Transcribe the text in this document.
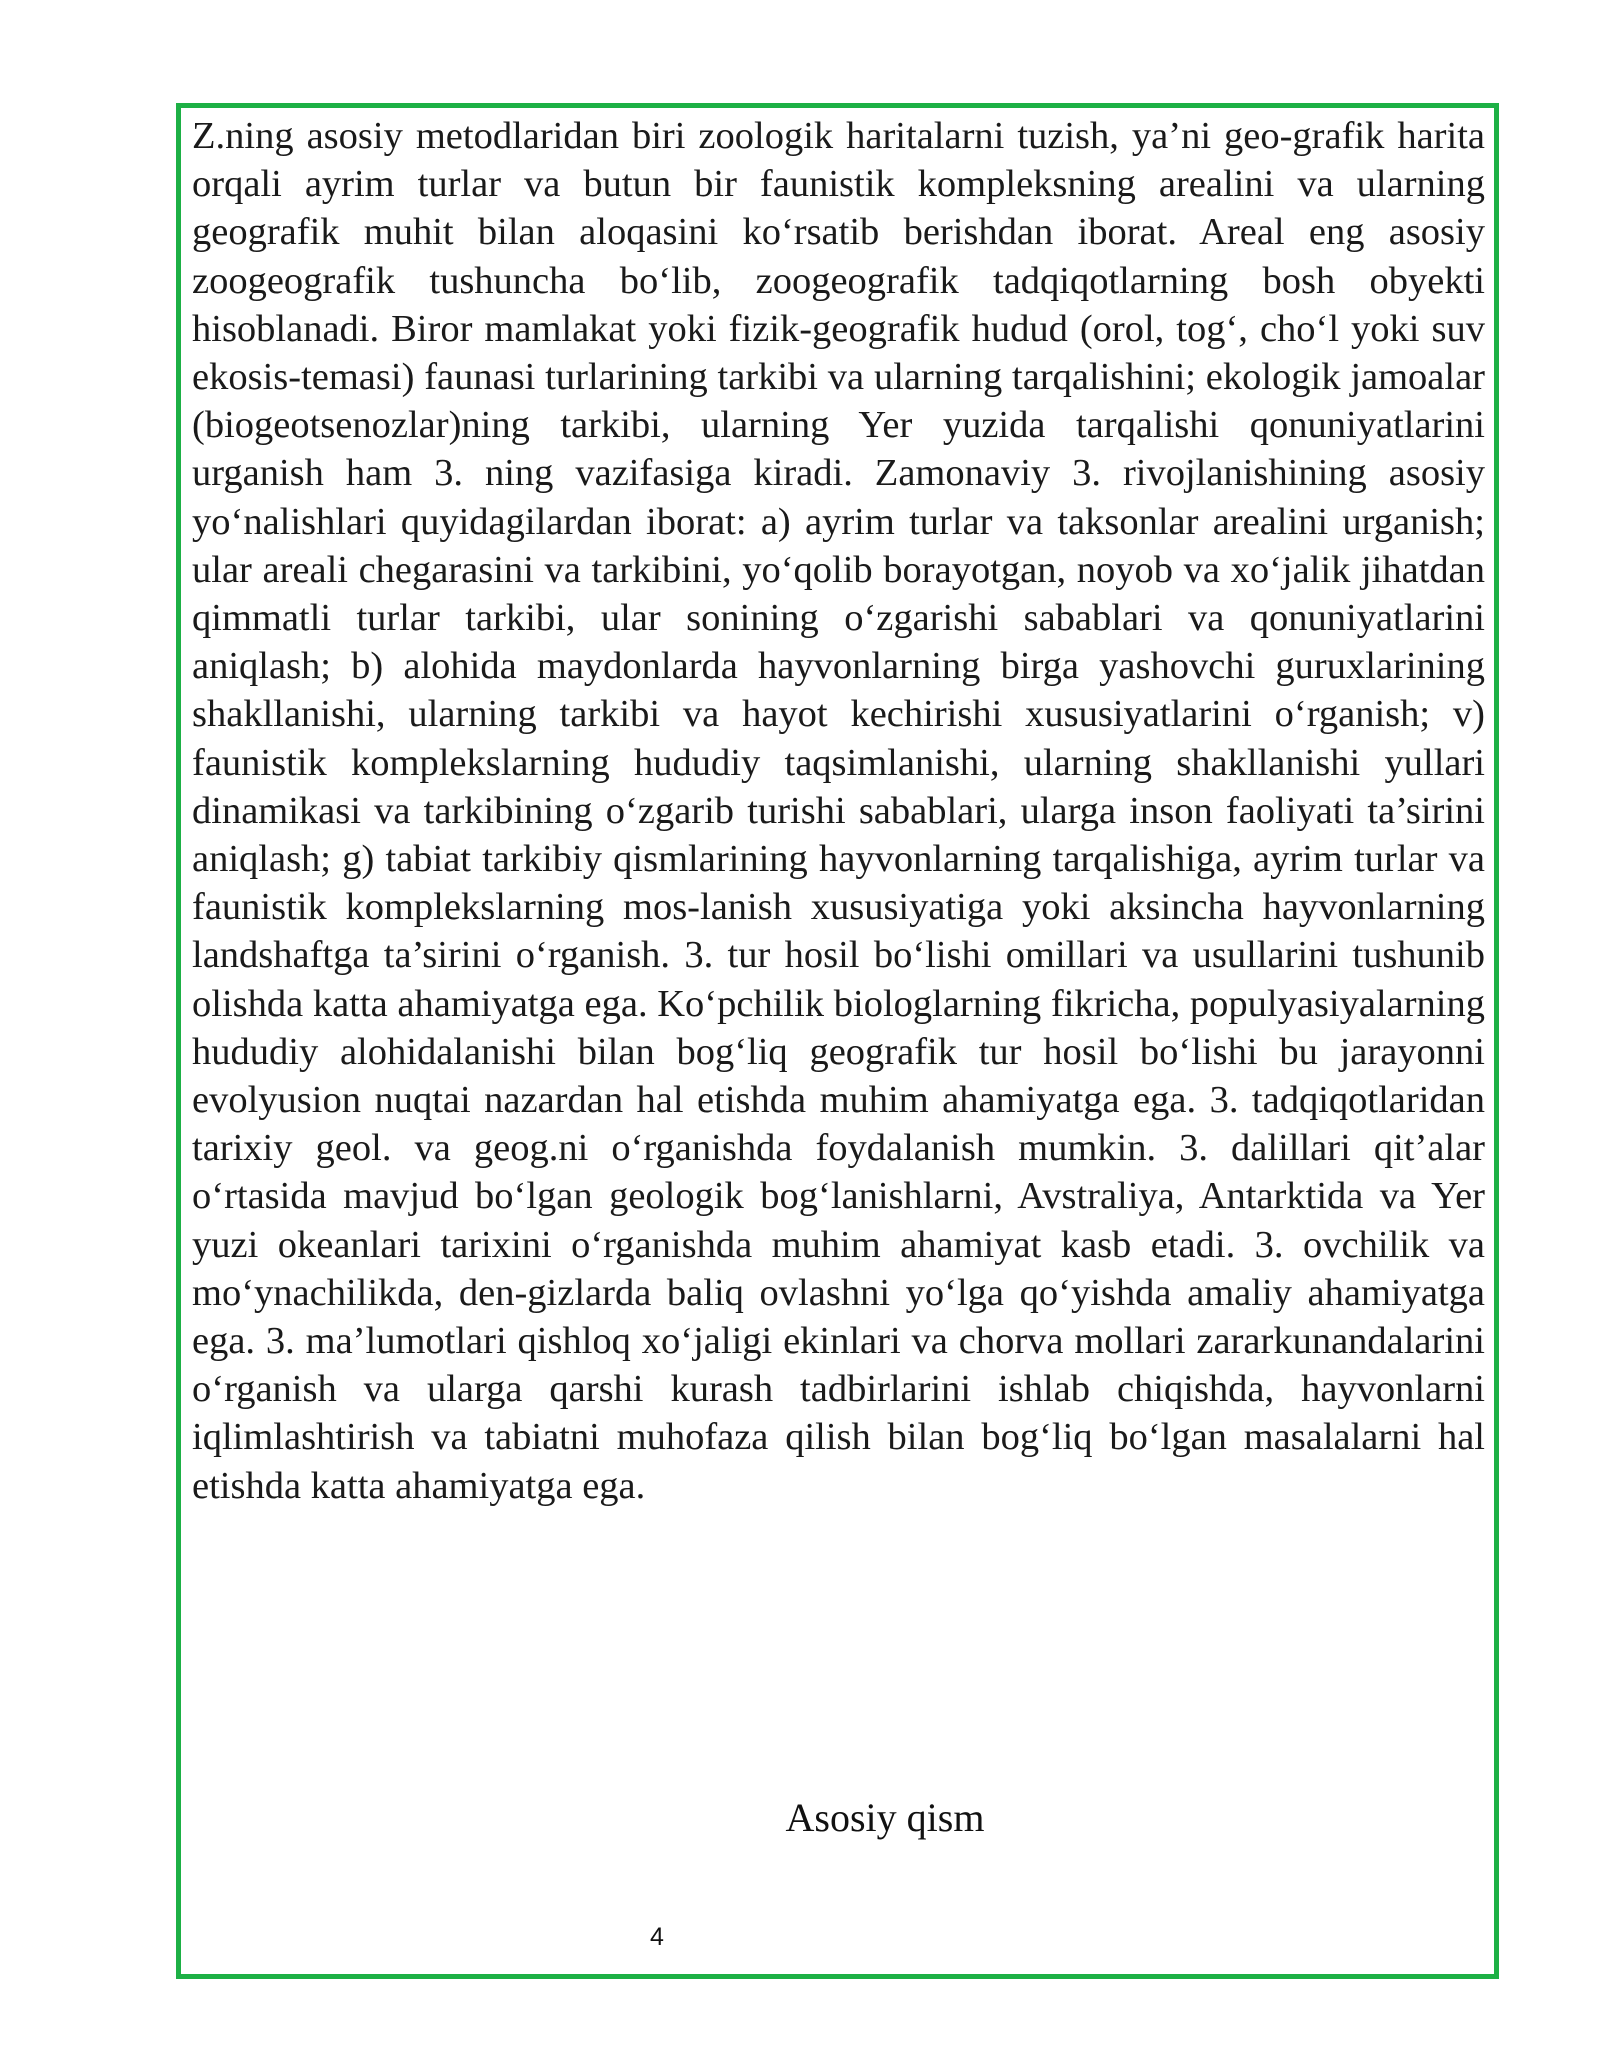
Z.ning asosiy metodlaridan biri zoologik haritalarni tuzish, ya’ni geo-grafik harita orqali ayrim turlar va butun bir faunistik kompleksning arealini va ularning geografik muhit bilan aloqasini ko‘rsatib berishdan iborat. Areal eng asosiy zoogeografik tushuncha bo‘lib, zoogeografik tadqiqotlarning bosh obyekti hisoblanadi. Biror mamlakat yoki fizik-geografik hudud (orol, tog‘, cho‘l yoki suv ekosis-temasi) faunasi turlarining tarkibi va ularning tarqalishini; ekologik jamoalar (biogeotsenozlar)ning tarkibi, ularning Yer yuzida tarqalishi qonuniyatlarini urganish ham 3. ning vazifasiga kiradi. Zamonaviy 3. rivojlanishining asosiy yo‘nalishlari quyidagilardan iborat: a) ayrim turlar va taksonlar arealini urganish; ular areali chegarasini va tarkibini, yo‘qolib borayotgan, noyob va xo‘jalik jihatdan qimmatli turlar tarkibi, ular sonining o‘zgarishi sabablari va qonuniyatlarini aniqlash; b) alohida maydonlarda hayvonlarning birga yashovchi guruxlarining shakllanishi, ularning tarkibi va hayot kechirishi xususiyatlarini o‘rganish; v) faunistik komplekslarning hududiy taqsimlanishi, ularning shakllanishi yullari dinamikasi va tarkibining o‘zgarib turishi sabablari, ularga inson faoliyati ta’sirini aniqlash; g) tabiat tarkibiy qismlarining hayvonlarning tarqalishiga, ayrim turlar va faunistik komplekslarning mos-lanish xususiyatiga yoki aksincha hayvonlarning landshaftga ta’sirini o‘rganish. 3. tur hosil bo‘lishi omillari va usullarini tushunib olishda katta ahamiyatga ega. Ko‘pchilik biologlarning fikricha, populyasiyalarning hududiy alohidalanishi bilan bog‘liq geografik tur hosil bo‘lishi bu jarayonni evolyusion nuqtai nazardan hal etishda muhim ahamiyatga ega. 3. tadqiqotlaridan tarixiy geol. va geog.ni o‘rganishda foydalanish mumkin. 3. dalillari qit’alar o‘rtasida mavjud bo‘lgan geologik bog‘lanishlarni, Avstraliya, Antarktida va Yer yuzi okeanlari tarixini o‘rganishda muhim ahamiyat kasb etadi. 3. ovchilik va mo‘ynachilikda, den-gizlarda baliq ovlashni yo‘lga qo‘yishda amaliy ahamiyatga ega. 3. ma’lumotlari qishloq xo‘jaligi ekinlari va chorva mollari zararkunandalarini o‘rganish va ularga qarshi kurash tadbirlarini ishlab chiqishda, hayvonlarni iqlimlashtirish va tabiatni muhofaza qilish bilan bog‘liq bo‘lgan masalalarni hal etishda katta ahamiyatga ega.

Asosiy qism
4
